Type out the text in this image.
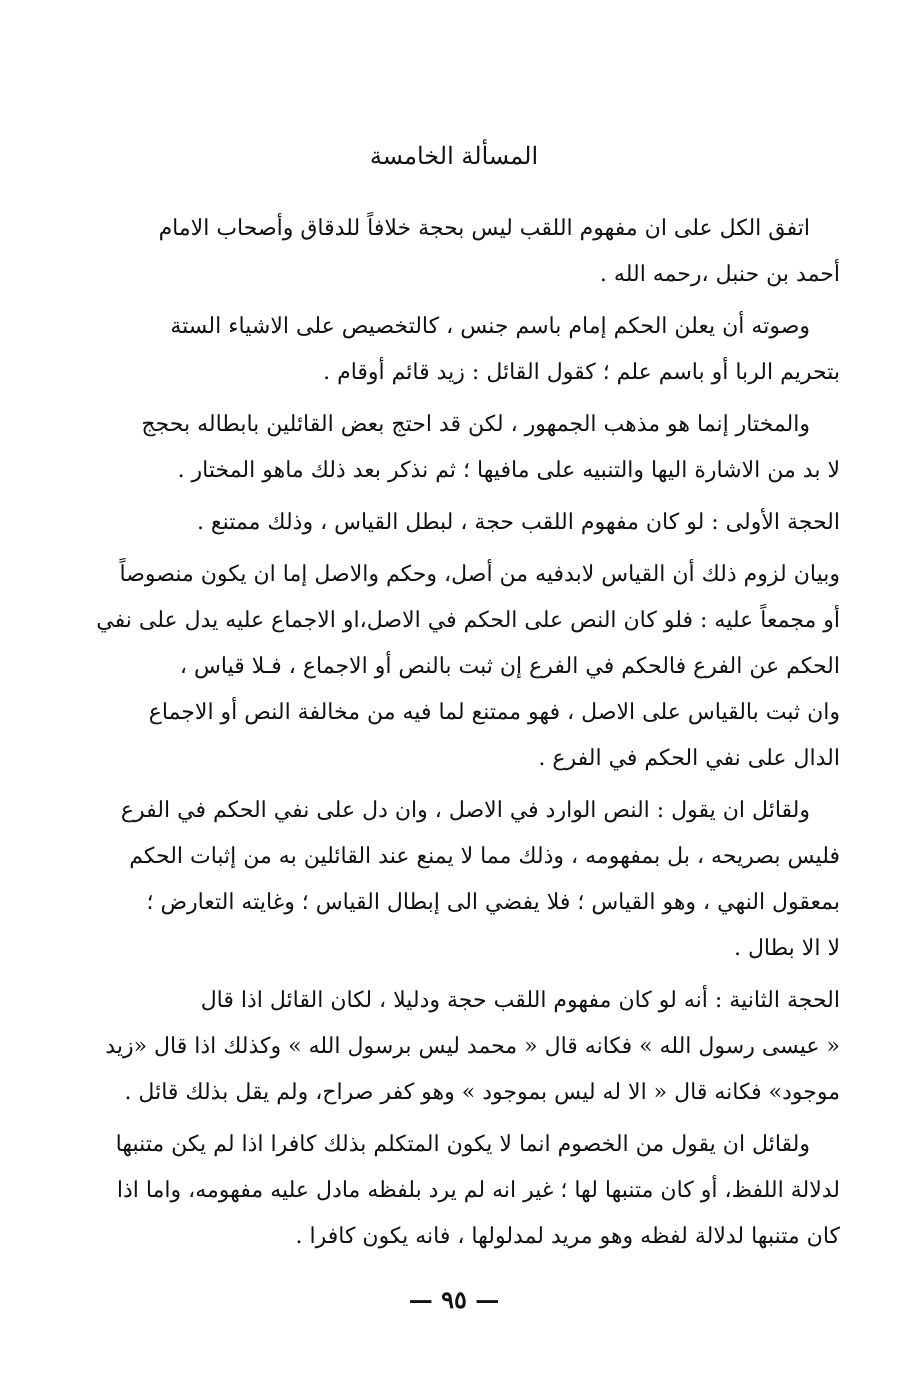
المسألة الخامسة
اتفق الكل على ان مفهوم اللقب ليس بحجة خلافاً للدقاق وأصحاب الامام
أحمد بن حنبل ،رحمه الله .
وصوته أن يعلن الحكم إمام باسم جنس ، كالتخصيص على الاشياء الستة
بتحريم الربا أو باسم علم ؛ كقول القائل : زيد قائم أوقام .
والمختار إنما هو مذهب الجمهور ، لكن قد احتج بعض القائلين بابطاله بحجج
لا بد من الاشارة اليها والتنبيه على مافيها ؛ ثم نذكر بعد ذلك ماهو المختار .
الحجة الأولى : لو كان مفهوم اللقب حجة ، لبطل القياس ، وذلك ممتنع .
وبيان لزوم ذلك أن القياس لابدفيه من أصل، وحكم والاصل إما ان يكون منصوصاً
أو مجمعاً عليه : فلو كان النص على الحكم في الاصل،او الاجماع عليه يدل على نفي
الحكم عن الفرع فالحكم في الفرع إن ثبت بالنص أو الاجماع ، فـلا قياس ،
وان ثبت بالقياس على الاصل ، فهو ممتنع لما فيه من مخالفة النص أو الاجماع
الدال على نفي الحكم في الفرع .
ولقائل ان يقول : النص الوارد في الاصل ، وان دل على نفي الحكم في الفرع
فليس بصريحه ، بل بمفهومه ، وذلك مما لا يمنع عند القائلين به من إثبات الحكم
بمعقول النهي ، وهو القياس ؛ فلا يفضي الى إبطال القياس ؛ وغايته التعارض ؛
لا الا بطال .
الحجة الثانية : أنه لو كان مفهوم اللقب حجة ودليلا ، لكان القائل اذا قال
« عيسى رسول الله » فكانه قال « محمد ليس برسول الله » وكذلك اذا قال «زيد
موجود» فكانه قال « الا له ليس بموجود » وهو كفر صراح، ولم يقل بذلك قائل .
ولقائل ان يقول من الخصوم انما لا يكون المتكلم بذلك كافرا اذا لم يكن متنبها
لدلالة اللفظ، أو كان متنبها لها ؛ غير انه لم يرد بلفظه مادل عليه مفهومه، واما اذا
كان متنبها لدلالة لفظه وهو مريد لمدلولها ، فانه يكون كافرا .
— ٩٥ —
